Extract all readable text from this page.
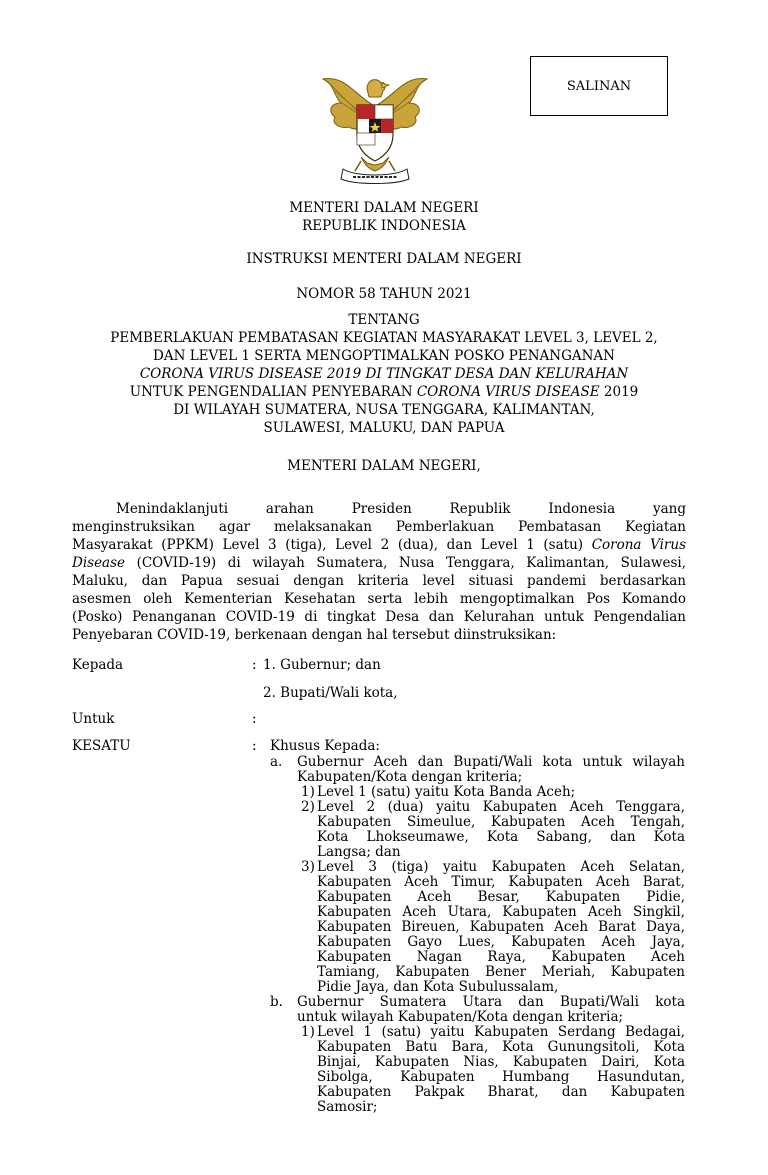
SALINAN
MENTERI DALAM NEGERI
REPUBLIK INDONESIA
INSTRUKSI MENTERI DALAM NEGERI
NOMOR 58 TAHUN 2021
TENTANG
PEMBERLAKUAN PEMBATASAN KEGIATAN MASYARAKAT LEVEL 3, LEVEL 2,
DAN LEVEL 1 SERTA MENGOPTIMALKAN POSKO PENANGANAN
CORONA VIRUS DISEASE 2019 DI TINGKAT DESA DAN KELURAHAN
UNTUK PENGENDALIAN PENYEBARAN CORONA VIRUS DISEASE 2019
DI WILAYAH SUMATERA, NUSA TENGGARA, KALIMANTAN,
SULAWESI, MALUKU, DAN PAPUA
MENTERI DALAM NEGERI,
Menindaklanjuti arahan Presiden Republik Indonesia yang
menginstruksikan agar melaksanakan Pemberlakuan Pembatasan Kegiatan
Masyarakat (PPKM) Level 3 (tiga), Level 2 (dua), dan Level 1 (satu) Corona Virus
Disease (COVID-19) di wilayah Sumatera, Nusa Tenggara, Kalimantan, Sulawesi,
Maluku, dan Papua sesuai dengan kriteria level situasi pandemi berdasarkan
asesmen oleh Kementerian Kesehatan serta lebih mengoptimalkan Pos Komando
(Posko) Penanganan COVID-19 di tingkat Desa dan Kelurahan untuk Pengendalian
Penyebaran COVID-19, berkenaan dengan hal tersebut diinstruksikan:
Kepada	: 1. Gubernur; dan
2. Bupati/Wali kota,
Untuk	:
KESATU	: Khusus Kepada:
a. Gubernur Aceh dan Bupati/Wali kota untuk wilayah
Kabupaten/Kota dengan kriteria;
1) Level 1 (satu) yaitu Kota Banda Aceh;
2) Level 2 (dua) yaitu Kabupaten Aceh Tenggara,
Kabupaten Simeulue, Kabupaten Aceh Tengah,
Kota Lhokseumawe, Kota Sabang, dan Kota
Langsa; dan
3) Level 3 (tiga) yaitu Kabupaten Aceh Selatan,
Kabupaten Aceh Timur, Kabupaten Aceh Barat,
Kabupaten Aceh Besar, Kabupaten Pidie,
Kabupaten Aceh Utara, Kabupaten Aceh Singkil,
Kabupaten Bireuen, Kabupaten Aceh Barat Daya,
Kabupaten Gayo Lues, Kabupaten Aceh Jaya,
Kabupaten Nagan Raya, Kabupaten Aceh
Tamiang, Kabupaten Bener Meriah, Kabupaten
Pidie Jaya, dan Kota Subulussalam,
b. Gubernur Sumatera Utara dan Bupati/Wali kota
untuk wilayah Kabupaten/Kota dengan kriteria;
1) Level 1 (satu) yaitu Kabupaten Serdang Bedagai,
Kabupaten Batu Bara, Kota Gunungsitoli, Kota
Binjai, Kabupaten Nias, Kabupaten Dairi, Kota
Sibolga, Kabupaten Humbang Hasundutan,
Kabupaten Pakpak Bharat, dan Kabupaten
Samosir;
